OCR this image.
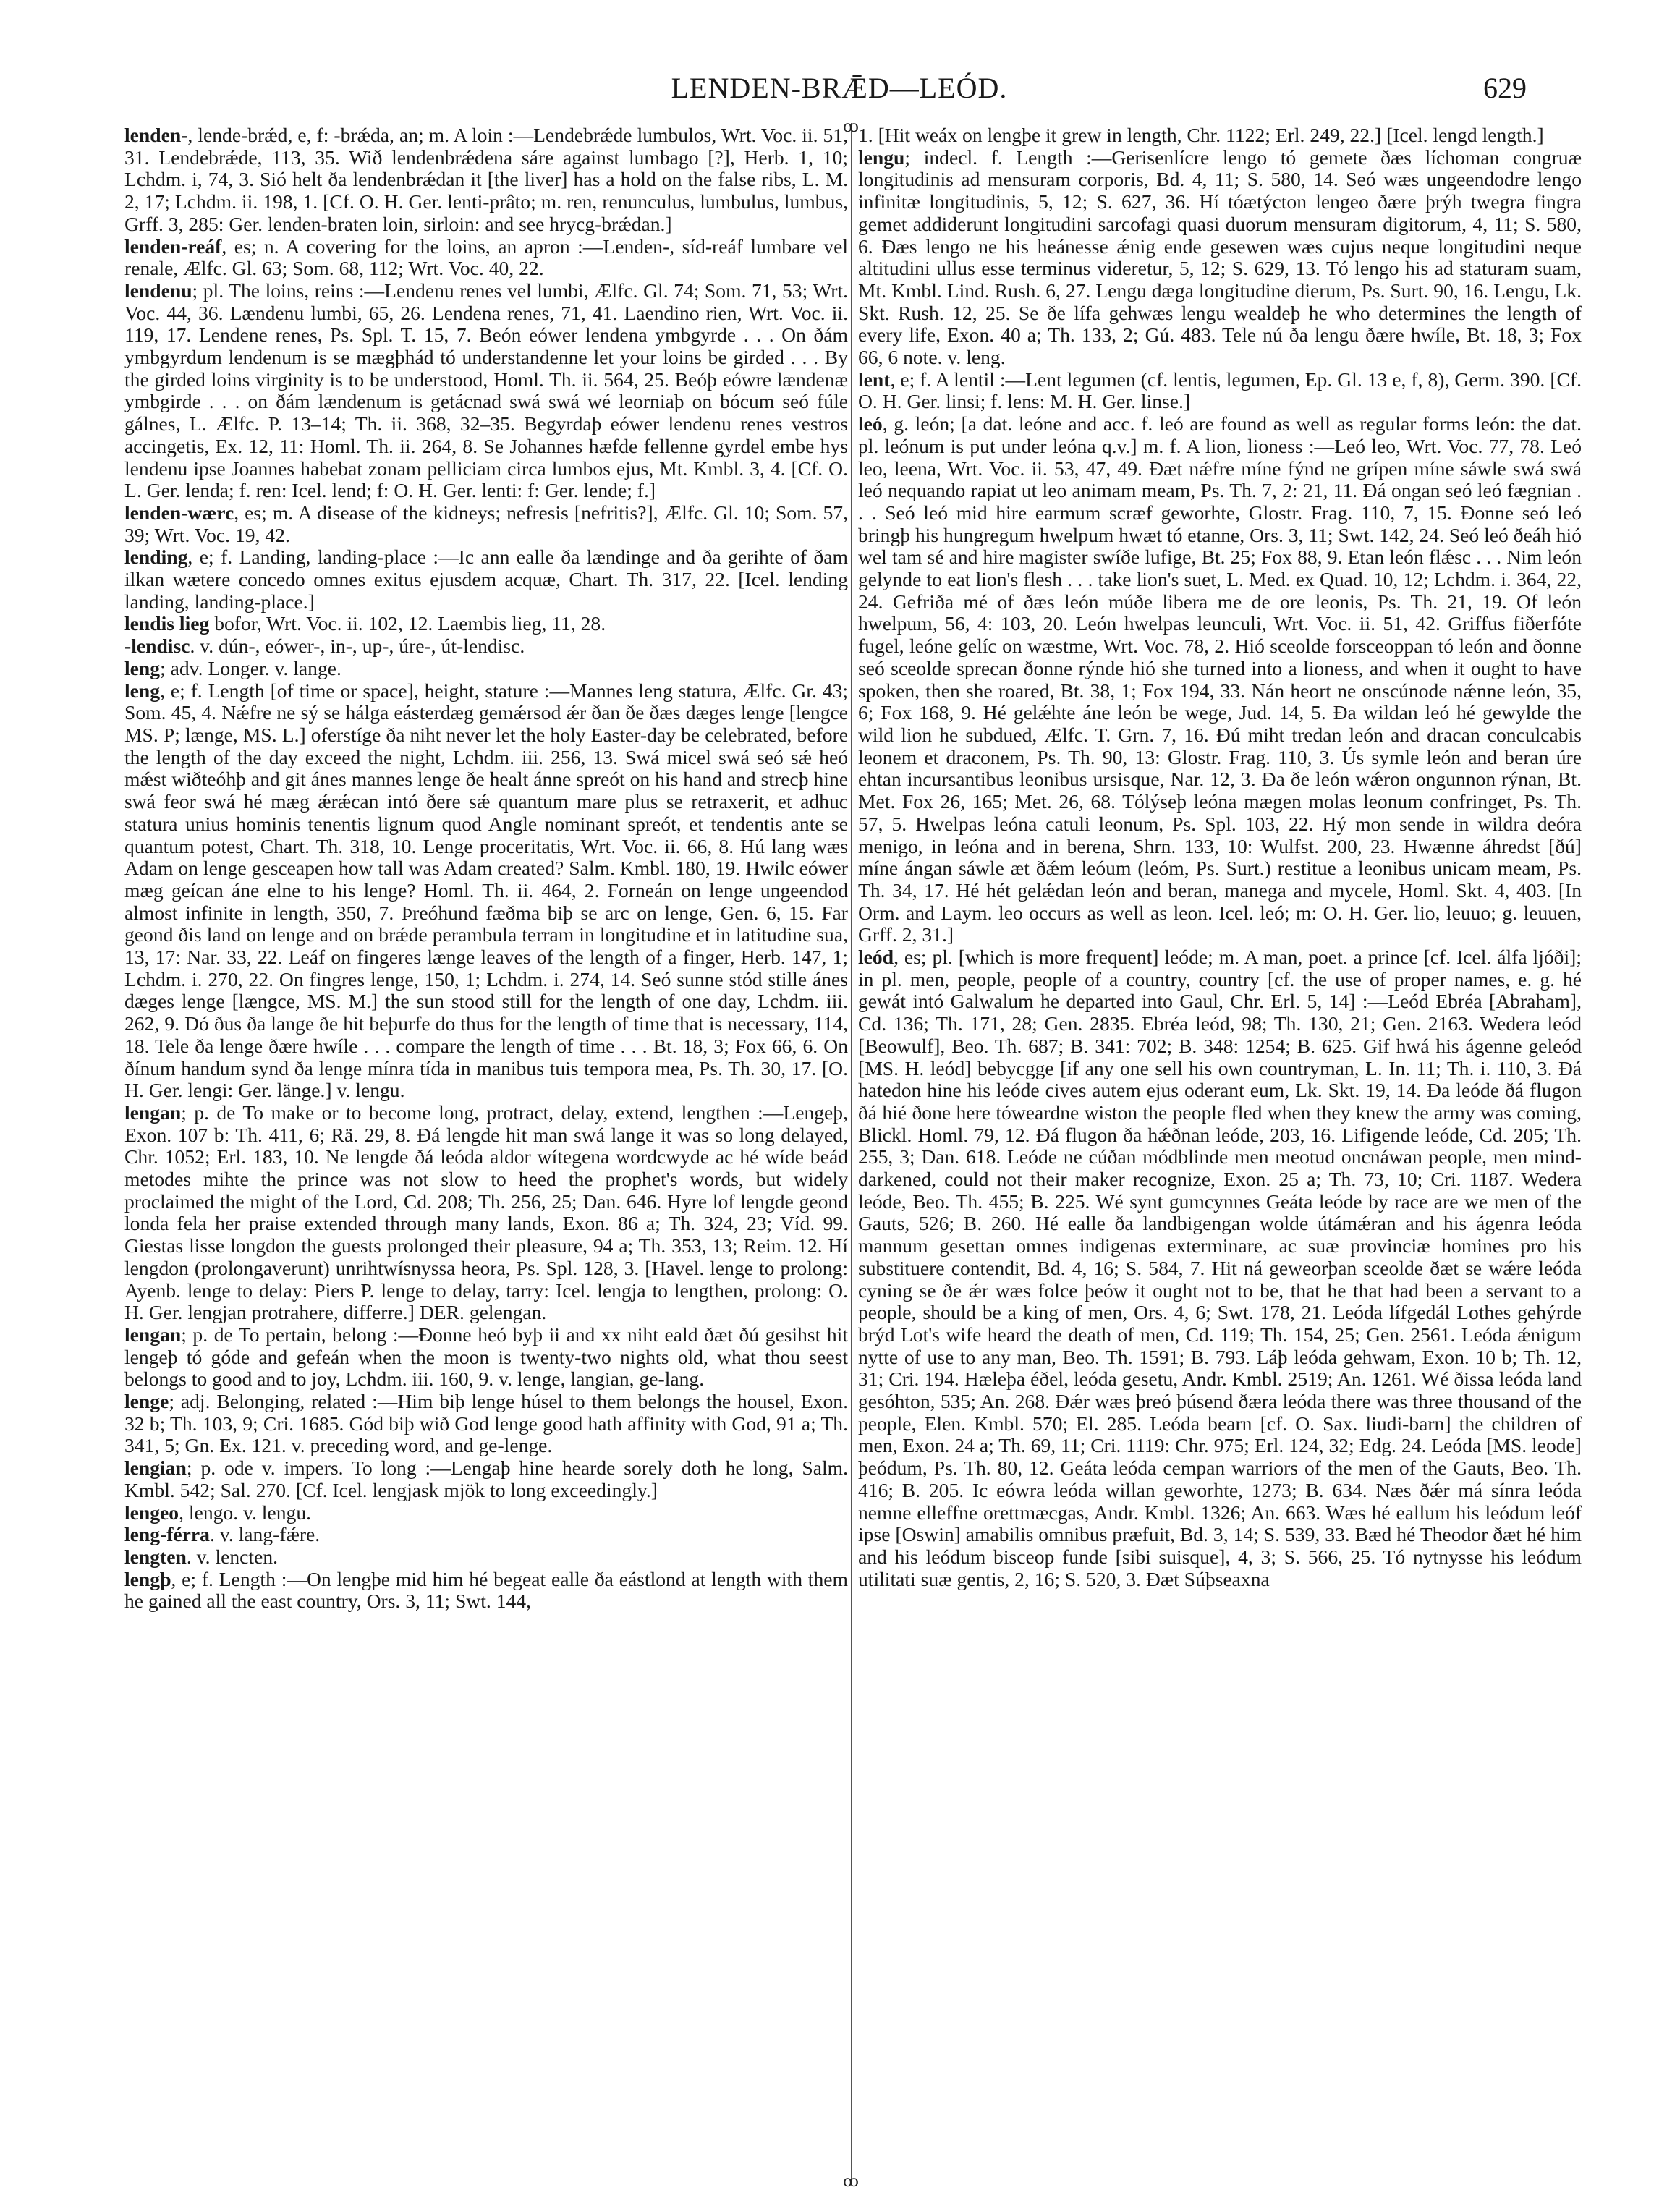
LENDEN-BRǢD—LEÓD.	629
ꝏ
ꝏ

lenden-, lende-brǽd, e, f: -brǽda, an; m. A loin :—Lendebrǽde lumbulos, Wrt. Voc. ii. 51, 31. Lendebrǽde, 113, 35. Wið lendenbrǽdena sáre against lumbago [?], Herb. 1, 10; Lchdm. i, 74, 3. Sió helt ða lendenbrǽdan it [the liver] has a hold on the false ribs, L. M. 2, 17; Lchdm. ii. 198, 1. [Cf. O. H. Ger. lenti-prâto; m. ren, renunculus, lumbulus, lumbus, Grff. 3, 285: Ger. lenden-braten loin, sirloin: and see hrycg-brǽdan.]

lenden-reáf, es; n. A covering for the loins, an apron :—Lenden-, síd-reáf lumbare vel renale, Ælfc. Gl. 63; Som. 68, 112; Wrt. Voc. 40, 22.

lendenu; pl. The loins, reins :—Lendenu renes vel lumbi, Ælfc. Gl. 74; Som. 71, 53; Wrt. Voc. 44, 36. Lændenu lumbi, 65, 26. Lendena renes, 71, 41. Laendino rien, Wrt. Voc. ii. 119, 17. Lendene renes, Ps. Spl. T. 15, 7. Beón eówer lendena ymbgyrde . . . On ðám ymbgyrdum lendenum is se mægþhád tó understandenne let your loins be girded . . . By the girded loins virginity is to be understood, Homl. Th. ii. 564, 25. Beóþ eówre lændenæ ymbgirde . . . on ðám lændenum is getácnad swá swá wé leorniaþ on bócum seó fúle gálnes, L. Ælfc. P. 13–14; Th. ii. 368, 32–35. Begyrdaþ eówer lendenu renes vestros accingetis, Ex. 12, 11: Homl. Th. ii. 264, 8. Se Johannes hæfde fellenne gyrdel embe hys lendenu ipse Joannes habebat zonam pelliciam circa lumbos ejus, Mt. Kmbl. 3, 4. [Cf. O. L. Ger. lenda; f. ren: Icel. lend; f: O. H. Ger. lenti: f: Ger. lende; f.]

lenden-wærc, es; m. A disease of the kidneys; nefresis [nefritis?], Ælfc. Gl. 10; Som. 57, 39; Wrt. Voc. 19, 42.

lending, e; f. Landing, landing-place :—Ic ann ealle ða lændinge and ða gerihte of ðam ilkan wætere concedo omnes exitus ejusdem acquæ, Chart. Th. 317, 22. [Icel. lending landing, landing-place.]

lendis lieg bofor, Wrt. Voc. ii. 102, 12. Laembis lieg, 11, 28.

-lendisc. v. dún-, eówer-, in-, up-, úre-, út-lendisc.

leng; adv. Longer. v. lange.

leng, e; f. Length [of time or space], height, stature :—Mannes leng statura, Ælfc. Gr. 43; Som. 45, 4. Nǽfre ne sý se hálga eásterdæg gemǽrsod ǽr ðan ðe ðæs dæges lenge [lengce MS. P; længe, MS. L.] oferstíge ða niht never let the holy Easter-day be celebrated, before the length of the day exceed the night, Lchdm. iii. 256, 13. Swá micel swá seó sǽ heó mǽst wiðteóhþ and git ánes mannes lenge ðe healt ánne spreót on his hand and strecþ hine swá feor swá hé mæg ǽrǽcan intó ðere sǽ quantum mare plus se retraxerit, et adhuc statura unius hominis tenentis lignum quod Angle nominant spreót, et tendentis ante se quantum potest, Chart. Th. 318, 10. Lenge proceritatis, Wrt. Voc. ii. 66, 8. Hú lang wæs Adam on lenge gesceapen how tall was Adam created? Salm. Kmbl. 180, 19. Hwilc eówer mæg geícan áne elne to his lenge? Homl. Th. ii. 464, 2. Forneán on lenge ungeendod almost infinite in length, 350, 7. Þreóhund fæðma biþ se arc on lenge, Gen. 6, 15. Far geond ðis land on lenge and on brǽde perambula terram in longitudine et in latitudine sua, 13, 17: Nar. 33, 22. Leáf on fingeres længe leaves of the length of a finger, Herb. 147, 1; Lchdm. i. 270, 22. On fingres lenge, 150, 1; Lchdm. i. 274, 14. Seó sunne stód stille ánes dæges lenge [længce, MS. M.] the sun stood still for the length of one day, Lchdm. iii. 262, 9. Dó ðus ða lange ðe hit beþurfe do thus for the length of time that is necessary, 114, 18. Tele ða lenge ðære hwíle . . . compare the length of time . . . Bt. 18, 3; Fox 66, 6. On ðínum handum synd ða lenge mínra tída in manibus tuis tempora mea, Ps. Th. 30, 17. [O. H. Ger. lengi: Ger. länge.] v. lengu.

lengan; p. de To make or to become long, protract, delay, extend, lengthen :—Lengeþ, Exon. 107 b: Th. 411, 6; Rä. 29, 8. Ðá lengde hit man swá lange it was so long delayed, Chr. 1052; Erl. 183, 10. Ne lengde ðá leóda aldor wítegena wordcwyde ac hé wíde beád metodes mihte the prince was not slow to heed the prophet's words, but widely proclaimed the might of the Lord, Cd. 208; Th. 256, 25; Dan. 646. Hyre lof lengde geond londa fela her praise extended through many lands, Exon. 86 a; Th. 324, 23; Víd. 99. Giestas lisse longdon the guests prolonged their pleasure, 94 a; Th. 353, 13; Reim. 12. Hí lengdon (prolongaverunt) unrihtwísnyssa heora, Ps. Spl. 128, 3. [Havel. lenge to prolong: Ayenb. lenge to delay: Piers P. lenge to delay, tarry: Icel. lengja to lengthen, prolong: O. H. Ger. lengjan protrahere, differre.] DER. gelengan.

lengan; p. de To pertain, belong :—Ðonne heó byþ ii and xx niht eald ðæt ðú gesihst hit lengeþ tó góde and gefeán when the moon is twenty-two nights old, what thou seest belongs to good and to joy, Lchdm. iii. 160, 9. v. lenge, langian, ge-lang.

lenge; adj. Belonging, related :—Him biþ lenge húsel to them belongs the housel, Exon. 32 b; Th. 103, 9; Cri. 1685. Gód biþ wið God lenge good hath affinity with God, 91 a; Th. 341, 5; Gn. Ex. 121. v. preceding word, and ge-lenge.

lengian; p. ode v. impers. To long :—Lengaþ hine hearde sorely doth he long, Salm. Kmbl. 542; Sal. 270. [Cf. Icel. lengjask mjök to long exceedingly.]

lengeo, lengo. v. lengu.

leng-férra. v. lang-fǽre.

lengten. v. lencten.

lengþ, e; f. Length :—On lengþe mid him hé begeat ealle ða eástlond at length with them he gained all the east country, Ors. 3, 11; Swt. 144,

1. [Hit weáx on lengþe it grew in length, Chr. 1122; Erl. 249, 22.] [Icel. lengd length.]

lengu; indecl. f. Length :—Gerisenlícre lengo tó gemete ðæs líchoman congruæ longitudinis ad mensuram corporis, Bd. 4, 11; S. 580, 14. Seó wæs ungeendodre lengo infinitæ longitudinis, 5, 12; S. 627, 36. Hí tóætýcton lengeo ðære þrýh twegra fingra gemet addiderunt longitudini sarcofagi quasi duorum mensuram digitorum, 4, 11; S. 580, 6. Ðæs lengo ne his heánesse ǽnig ende gesewen wæs cujus neque longitudini neque altitudini ullus esse terminus videretur, 5, 12; S. 629, 13. Tó lengo his ad staturam suam, Mt. Kmbl. Lind. Rush. 6, 27. Lengu dæga longitudine dierum, Ps. Surt. 90, 16. Lengu, Lk. Skt. Rush. 12, 25. Se ðe lífa gehwæs lengu wealdeþ he who determines the length of every life, Exon. 40 a; Th. 133, 2; Gú. 483. Tele nú ða lengu ðære hwíle, Bt. 18, 3; Fox 66, 6 note. v. leng.

lent, e; f. A lentil :—Lent legumen (cf. lentis, legumen, Ep. Gl. 13 e, f, 8), Germ. 390. [Cf. O. H. Ger. linsi; f. lens: M. H. Ger. linse.]

leó, g. león; [a dat. leóne and acc. f. leó are found as well as regular forms león: the dat. pl. leónum is put under leóna q.v.] m. f. A lion, lioness :—Leó leo, Wrt. Voc. 77, 78. Leó leo, leena, Wrt. Voc. ii. 53, 47, 49. Ðæt nǽfre míne fýnd ne grípen míne sáwle swá swá leó nequando rapiat ut leo animam meam, Ps. Th. 7, 2: 21, 11. Ðá ongan seó leó fægnian . . . Seó leó mid hire earmum scræf geworhte, Glostr. Frag. 110, 7, 15. Ðonne seó leó bringþ his hungregum hwelpum hwæt tó etanne, Ors. 3, 11; Swt. 142, 24. Seó leó ðeáh hió wel tam sé and hire magister swíðe lufige, Bt. 25; Fox 88, 9. Etan león flǽsc . . . Nim león gelynde to eat lion's flesh . . . take lion's suet, L. Med. ex Quad. 10, 12; Lchdm. i. 364, 22, 24. Gefriða mé of ðæs león múðe libera me de ore leonis, Ps. Th. 21, 19. Of león hwelpum, 56, 4: 103, 20. León hwelpas leunculi, Wrt. Voc. ii. 51, 42. Griffus fiðerfóte fugel, leóne gelíc on wæstme, Wrt. Voc. 78, 2. Hió sceolde forsceoppan tó león and ðonne seó sceolde sprecan ðonne rýnde hió she turned into a lioness, and when it ought to have spoken, then she roared, Bt. 38, 1; Fox 194, 33. Nán heort ne onscúnode nǽnne león, 35, 6; Fox 168, 9. Hé gelǽhte áne león be wege, Jud. 14, 5. Ða wildan leó hé gewylde the wild lion he subdued, Ælfc. T. Grn. 7, 16. Ðú miht tredan león and dracan conculcabis leonem et draconem, Ps. Th. 90, 13: Glostr. Frag. 110, 3. Ús symle león and beran úre ehtan incursantibus leonibus ursisque, Nar. 12, 3. Ða ðe león wǽron ongunnon rýnan, Bt. Met. Fox 26, 165; Met. 26, 68. Tólýseþ leóna mægen molas leonum confringet, Ps. Th. 57, 5. Hwelpas leóna catuli leonum, Ps. Spl. 103, 22. Hý mon sende in wildra deóra menigo, in leóna and in berena, Shrn. 133, 10: Wulfst. 200, 23. Hwænne áhredst [ðú] míne ángan sáwle æt ðǽm leóum (leóm, Ps. Surt.) restitue a leonibus unicam meam, Ps. Th. 34, 17. Hé hét gelǽdan león and beran, manega and mycele, Homl. Skt. 4, 403. [In Orm. and Laym. leo occurs as well as leon. Icel. leó; m: O. H. Ger. lio, leuuo; g. leuuen, Grff. 2, 31.]

leód, es; pl. [which is more frequent] leóde; m. A man, poet. a prince [cf. Icel. álfa ljóði]; in pl. men, people, people of a country, country [cf. the use of proper names, e. g. hé gewát intó Galwalum he departed into Gaul, Chr. Erl. 5, 14] :—Leód Ebréa [Abraham], Cd. 136; Th. 171, 28; Gen. 2835. Ebréa leód, 98; Th. 130, 21; Gen. 2163. Wedera leód [Beowulf], Beo. Th. 687; B. 341: 702; B. 348: 1254; B. 625. Gif hwá his ágenne geleód [MS. H. leód] bebycgge [if any one sell his own countryman, L. In. 11; Th. i. 110, 3. Ðá hatedon hine his leóde cives autem ejus oderant eum, Lk. Skt. 19, 14. Ða leóde ðá flugon ðá hié ðone here tóweardne wiston the people fled when they knew the army was coming, Blickl. Homl. 79, 12. Ðá flugon ða hǽðnan leóde, 203, 16. Lifigende leóde, Cd. 205; Th. 255, 3; Dan. 618. Leóde ne cúðan módblinde men meotud oncnáwan people, men mind-darkened, could not their maker recognize, Exon. 25 a; Th. 73, 10; Cri. 1187. Wedera leóde, Beo. Th. 455; B. 225. Wé synt gumcynnes Geáta leóde by race are we men of the Gauts, 526; B. 260. Hé ealle ða landbigengan wolde útámǽran and his ágenra leóda mannum gesettan omnes indigenas exterminare, ac suæ provinciæ homines pro his substituere contendit, Bd. 4, 16; S. 584, 7. Hit ná geweorþan sceolde ðæt se wǽre leóda cyning se ðe ǽr wæs folce þeów it ought not to be, that he that had been a servant to a people, should be a king of men, Ors. 4, 6; Swt. 178, 21. Leóda lífgedál Lothes gehýrde brýd Lot's wife heard the death of men, Cd. 119; Th. 154, 25; Gen. 2561. Leóda ǽnigum nytte of use to any man, Beo. Th. 1591; B. 793. Láþ leóda gehwam, Exon. 10 b; Th. 12, 31; Cri. 194. Hæleþa éðel, leóda gesetu, Andr. Kmbl. 2519; An. 1261. Wé ðissa leóda land gesóhton, 535; An. 268. Ðǽr wæs þreó þúsend ðæra leóda there was three thousand of the people, Elen. Kmbl. 570; El. 285. Leóda bearn [cf. O. Sax. liudi-barn] the children of men, Exon. 24 a; Th. 69, 11; Cri. 1119: Chr. 975; Erl. 124, 32; Edg. 24. Leóda [MS. leode] þeódum, Ps. Th. 80, 12. Geáta leóda cempan warriors of the men of the Gauts, Beo. Th. 416; B. 205. Ic eówra leóda willan geworhte, 1273; B. 634. Næs ðǽr má sínra leóda nemne elleffne orettmæcgas, Andr. Kmbl. 1326; An. 663. Wæs hé eallum his leódum leóf ipse [Oswin] amabilis omnibus præfuit, Bd. 3, 14; S. 539, 33. Bæd hé Theodor ðæt hé him and his leódum bisceop funde [sibi suisque], 4, 3; S. 566, 25. Tó nytnysse his leódum utilitati suæ gentis, 2, 16; S. 520, 3. Ðæt Súþseaxna
